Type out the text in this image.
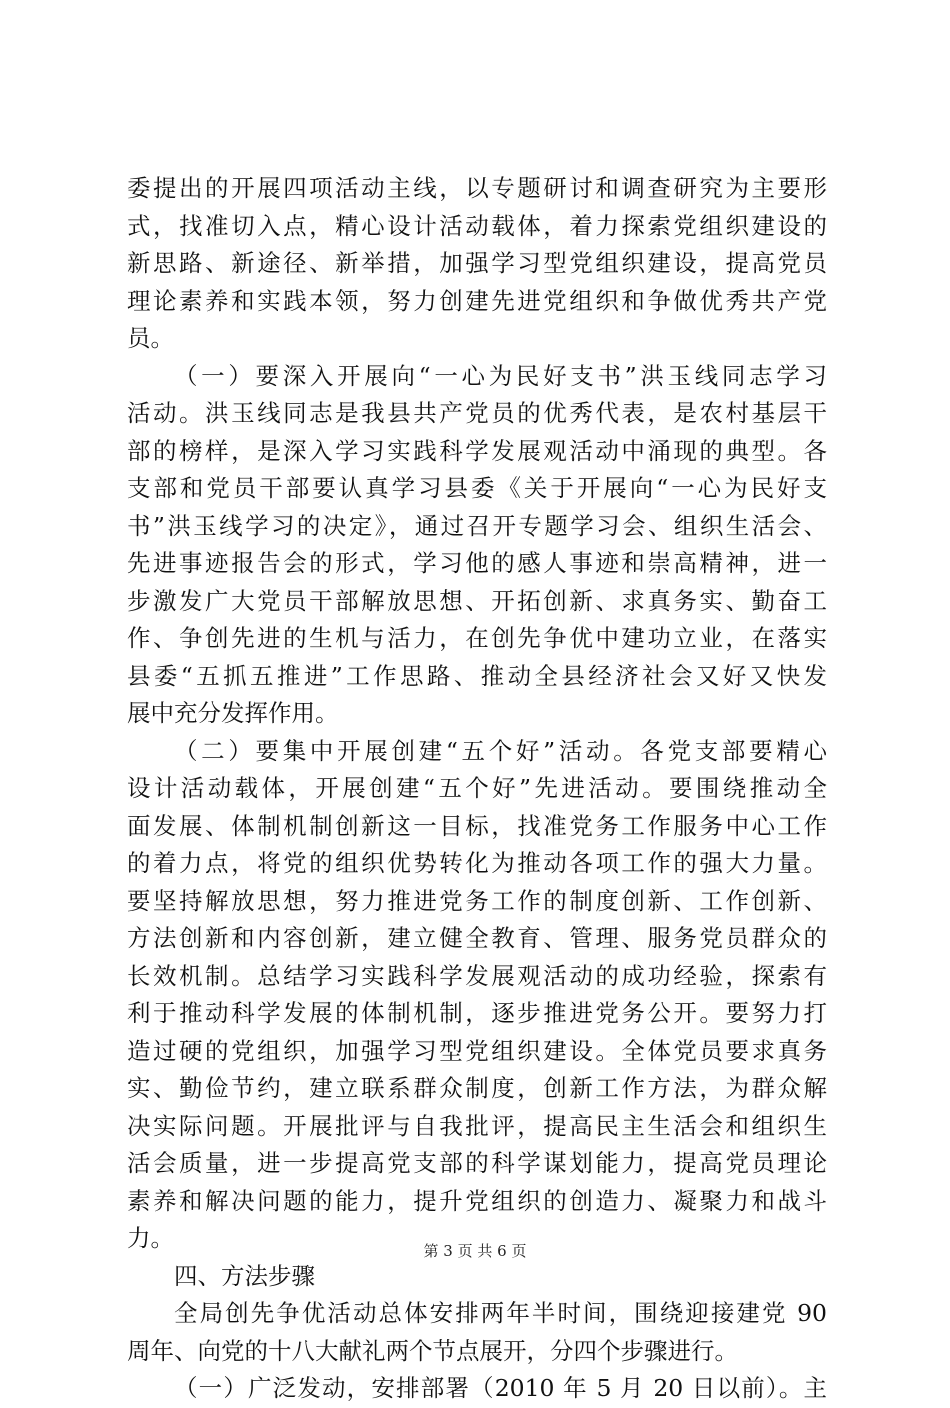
委提出的开展四项活动主线，以专题研讨和调查研究为主要形
式，找准切入点，精心设计活动载体，着力探索党组织建设的
新思路、新途径、新举措，加强学习型党组织建设，提高党员
理论素养和实践本领，努力创建先进党组织和争做优秀共产党
员。
（一）要深入开展向“一心为民好支书”洪玉线同志学习
活动。洪玉线同志是我县共产党员的优秀代表，是农村基层干
部的榜样，是深入学习实践科学发展观活动中涌现的典型。各
支部和党员干部要认真学习县委《关于开展向“一心为民好支
书”洪玉线学习的决定》，通过召开专题学习会、组织生活会、
先进事迹报告会的形式，学习他的感人事迹和崇高精神，进一
步激发广大党员干部解放思想、开拓创新、求真务实、勤奋工
作、争创先进的生机与活力，在创先争优中建功立业，在落实
县委“五抓五推进”工作思路、推动全县经济社会又好又快发
展中充分发挥作用。
（二）要集中开展创建“五个好”活动。各党支部要精心
设计活动载体，开展创建“五个好”先进活动。要围绕推动全
面发展、体制机制创新这一目标，找准党务工作服务中心工作
的着力点，将党的组织优势转化为推动各项工作的强大力量。
要坚持解放思想，努力推进党务工作的制度创新、工作创新、
方法创新和内容创新，建立健全教育、管理、服务党员群众的
长效机制。总结学习实践科学发展观活动的成功经验，探索有
利于推动科学发展的体制机制，逐步推进党务公开。要努力打
造过硬的党组织，加强学习型党组织建设。全体党员要求真务
实、勤俭节约，建立联系群众制度，创新工作方法，为群众解
决实际问题。开展批评与自我批评，提高民主生活会和组织生
活会质量，进一步提高党支部的科学谋划能力，提高党员理论
素养和解决问题的能力，提升党组织的创造力、凝聚力和战斗
力。
四、方法步骤
全局创先争优活动总体安排两年半时间，围绕迎接建党 90
周年、向党的十八大献礼两个节点展开，分四个步骤进行。
（一）广泛发动，安排部署（2010 年 5 月 20 日以前）。主
第 3 页 共 6 页
